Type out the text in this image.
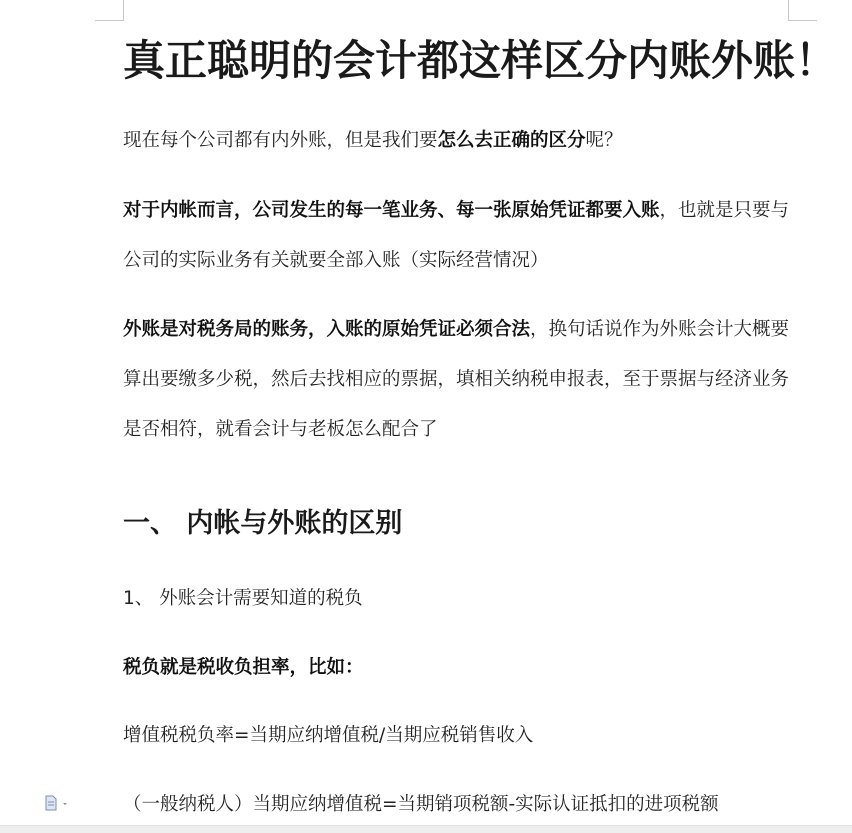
真正聪明的会计都这样区分内账外账！

现在每个公司都有内外账，但是我们要怎么去正确的区分呢？

对于内帐而言，公司发生的每一笔业务、每一张原始凭证都要入账，也就是只要与公司的实际业务有关就要全部入账（实际经营情况）

外账是对税务局的账务，入账的原始凭证必须合法，换句话说作为外账会计大概要算出要缴多少税，然后去找相应的票据，填相关纳税申报表，至于票据与经济业务是否相符，就看会计与老板怎么配合了

一、 内帐与外账的区别

1、 外账会计需要知道的税负

税负就是税收负担率，比如：

增值税税负率=当期应纳增值税/当期应税销售收入

（一般纳税人）当期应纳增值税=当期销项税额-实际认证抵扣的进项税额
